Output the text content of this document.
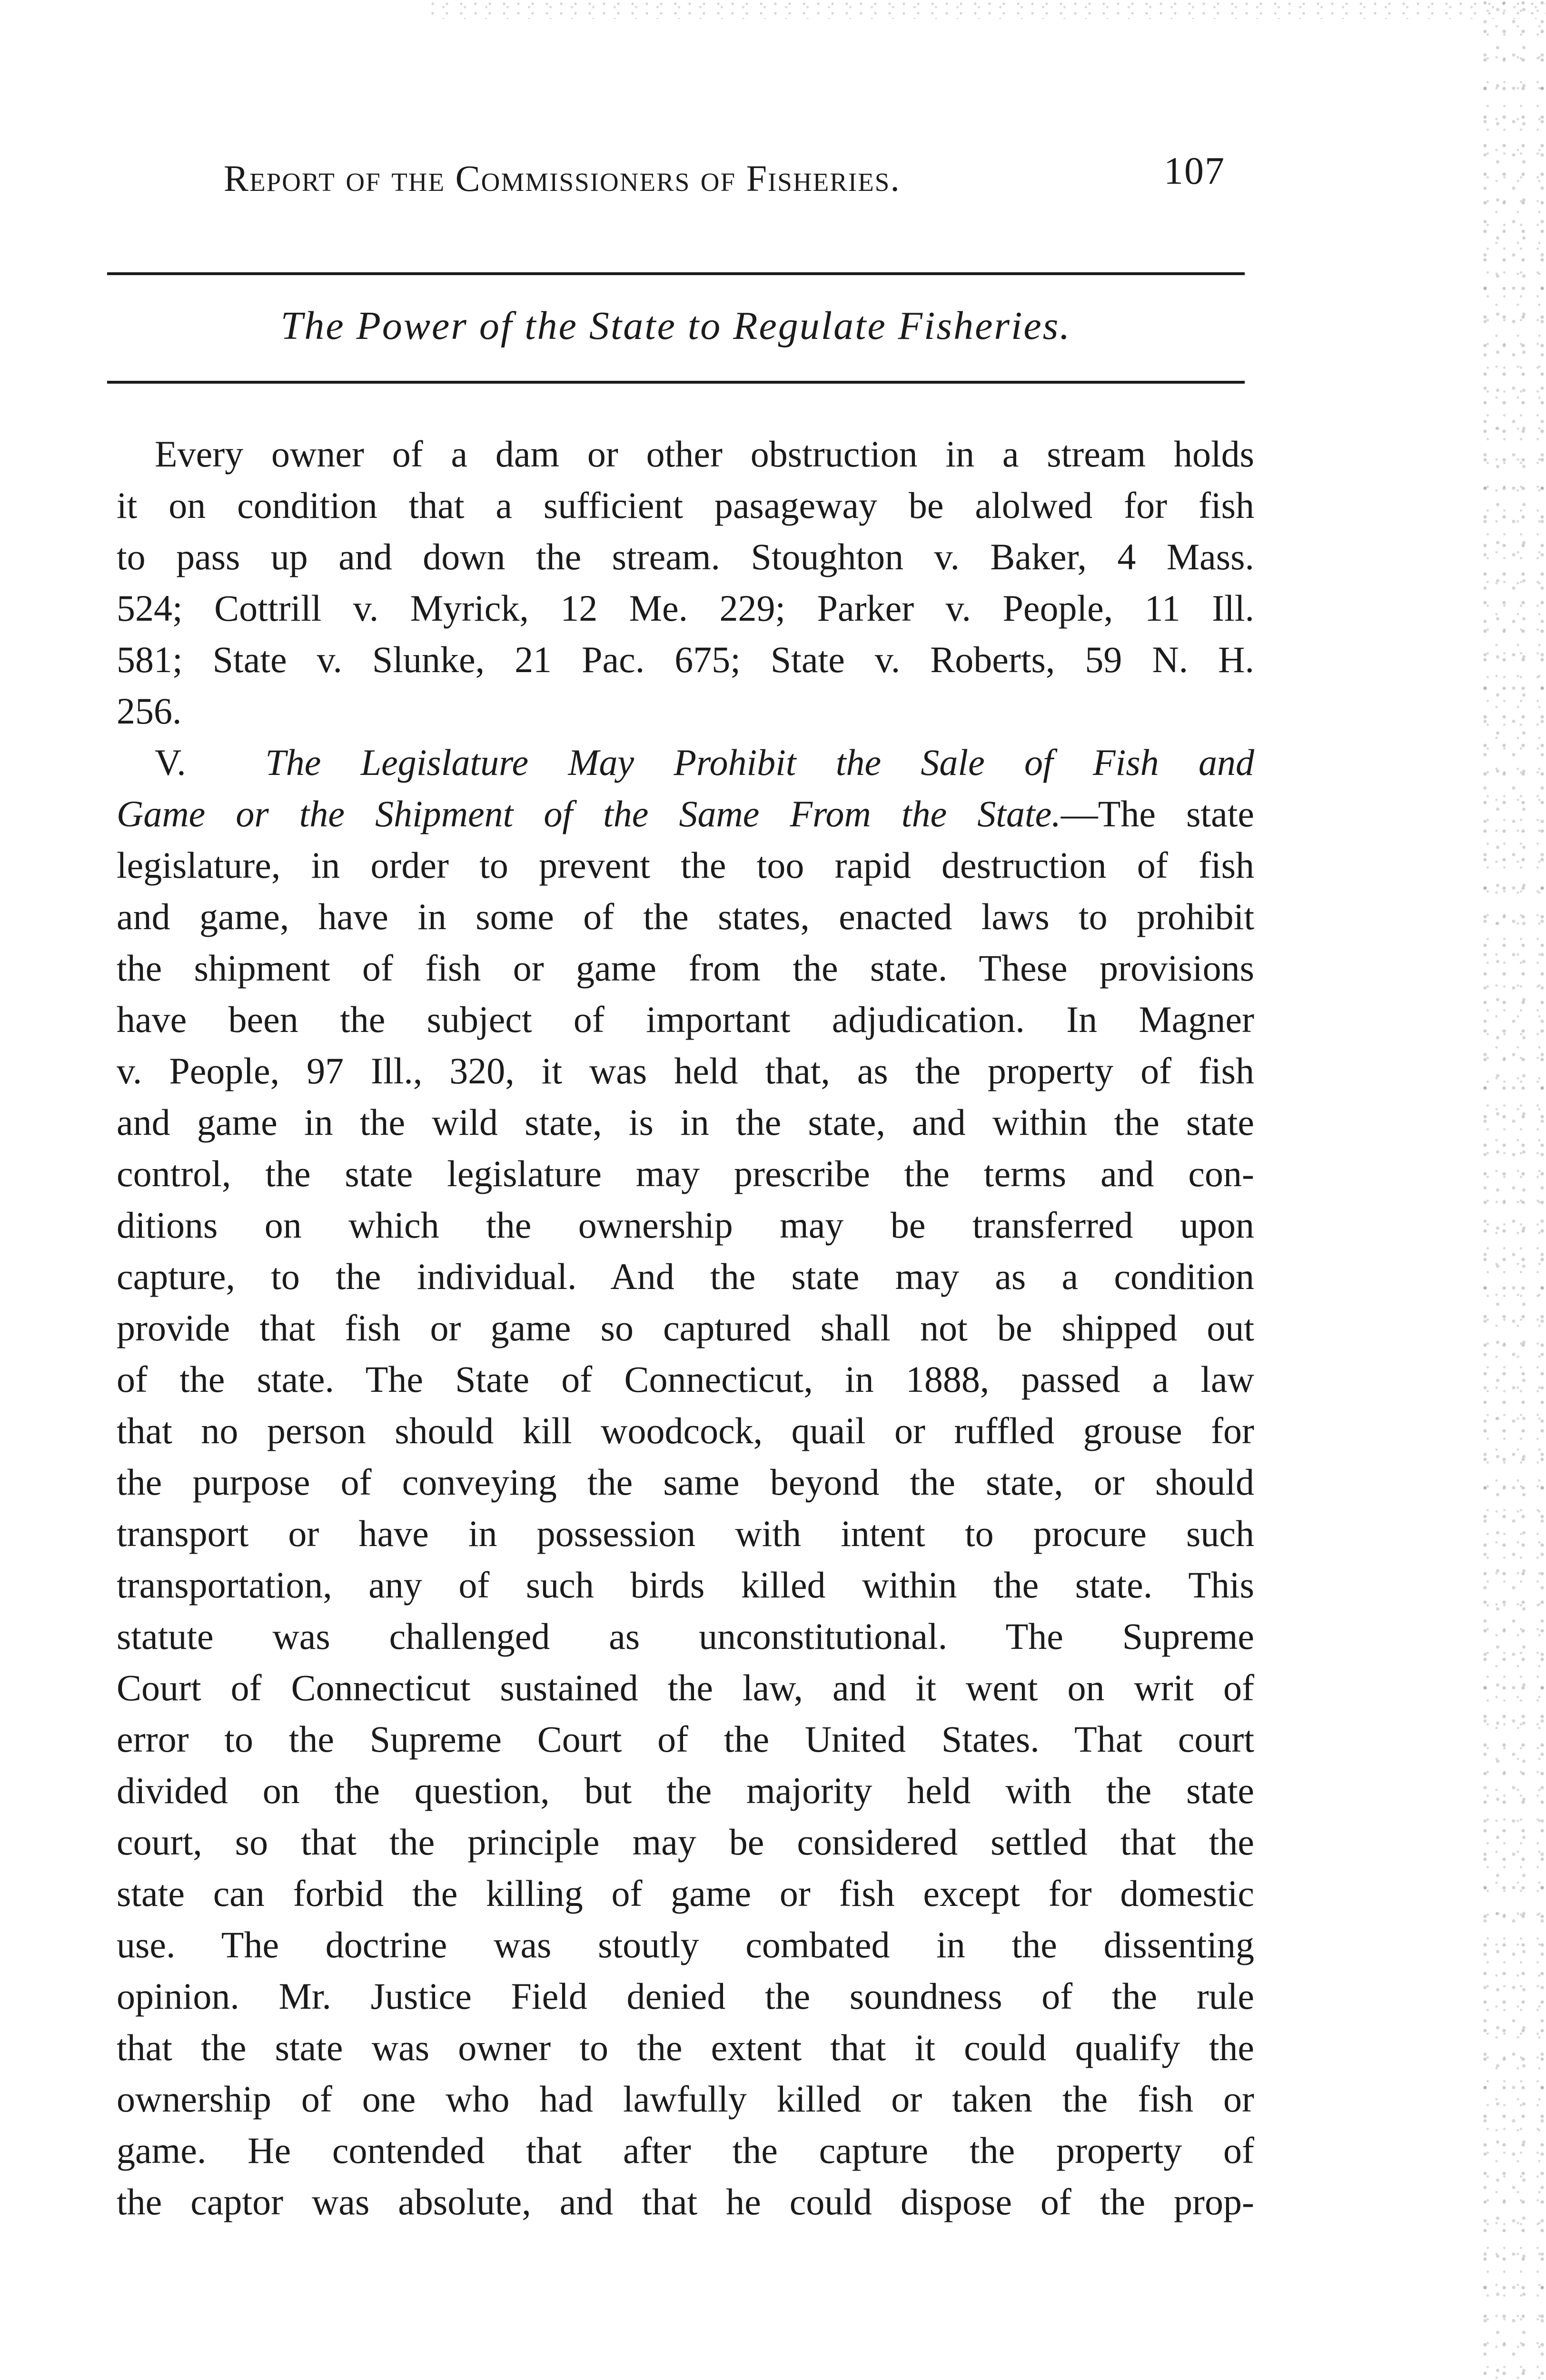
Report of the Commissioners of Fisheries.	107
The Power of the State to Regulate Fisheries.
Every owner of a dam or other obstruction in a stream holds
it on condition that a sufficient pasageway be alolwed for fish
to pass up and down the stream. Stoughton v. Baker, 4 Mass.
524; Cottrill v. Myrick, 12 Me. 229; Parker v. People, 11 Ill.
581; State v. Slunke, 21 Pac. 675; State v. Roberts, 59 N. H.
256.
V. The Legislature May Prohibit the Sale of Fish and
Game or the Shipment of the Same From the State.—The state
legislature, in order to prevent the too rapid destruction of fish
and game, have in some of the states, enacted laws to prohibit
the shipment of fish or game from the state. These provisions
have been the subject of important adjudication. In Magner
v. People, 97 Ill., 320, it was held that, as the property of fish
and game in the wild state, is in the state, and within the state
control, the state legislature may prescribe the terms and con-
ditions on which the ownership may be transferred upon
capture, to the individual. And the state may as a condition
provide that fish or game so captured shall not be shipped out
of the state. The State of Connecticut, in 1888, passed a law
that no person should kill woodcock, quail or ruffled grouse for
the purpose of conveying the same beyond the state, or should
transport or have in possession with intent to procure such
transportation, any of such birds killed within the state. This
statute was challenged as unconstitutional. The Supreme
Court of Connecticut sustained the law, and it went on writ of
error to the Supreme Court of the United States. That court
divided on the question, but the majority held with the state
court, so that the principle may be considered settled that the
state can forbid the killing of game or fish except for domestic
use. The doctrine was stoutly combated in the dissenting
opinion. Mr. Justice Field denied the soundness of the rule
that the state was owner to the extent that it could qualify the
ownership of one who had lawfully killed or taken the fish or
game. He contended that after the capture the property of
the captor was absolute, and that he could dispose of the prop-
